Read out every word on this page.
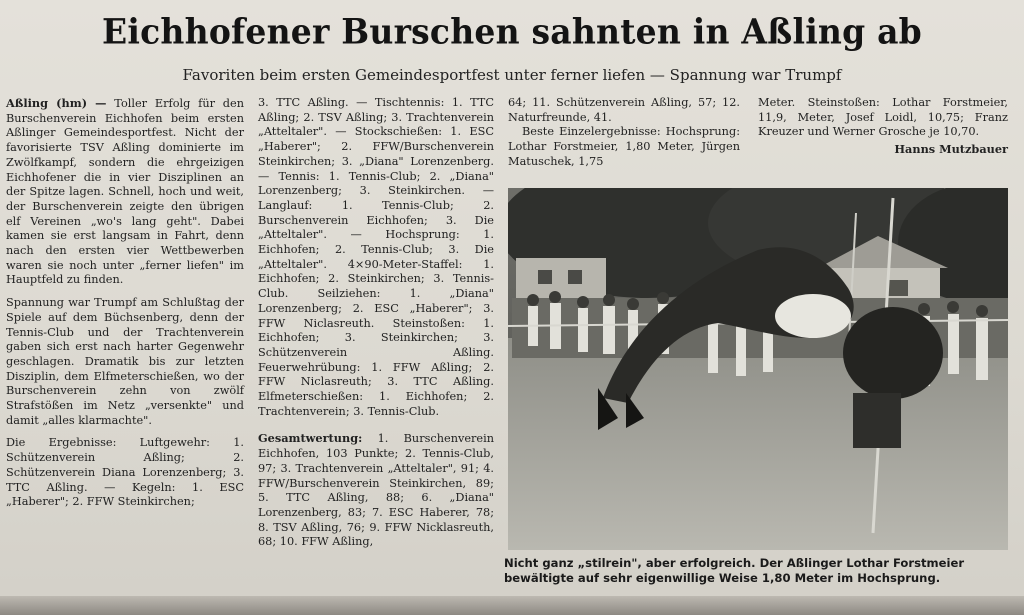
Eichhofener Burschen sahnten in Aßling ab
Favoriten beim ersten Gemeindesportfest unter ferner liefen — Spannung war Trumpf

Aßling (hm) — Toller Erfolg für den Burschenverein Eichhofen beim ersten Aßlinger Gemeindesportfest. Nicht der favorisierte TSV Aßling dominierte im Zwölfkampf, sondern die ehrgeizigen Eichhofener die in vier Disziplinen an der Spitze lagen. Schnell, hoch und weit, der Burschenverein zeigte den übrigen elf Vereinen „wo's lang geht". Dabei kamen sie erst langsam in Fahrt, denn nach den ersten vier Wettbewerben waren sie noch unter „ferner liefen" im Hauptfeld zu finden.

Spannung war Trumpf am Schlußtag der Spiele auf dem Büchsenberg, denn der Tennis-Club und der Trachtenverein gaben sich erst nach harter Gegenwehr geschlagen. Dramatik bis zur letzten Disziplin, dem Elfmeterschießen, wo der Burschenverein zehn von zwölf Strafstößen im Netz „versenkte" und damit „alles klarmachte".

Die Ergebnisse: Luftgewehr: 1. Schützenverein Aßling; 2. Schützenverein Diana Lorenzenberg; 3. TTC Aßling. — Kegeln: 1. ESC „Haberer"; 2. FFW Steinkirchen;

3. TTC Aßling. — Tischtennis: 1. TTC Aßling; 2. TSV Aßling; 3. Trachtenverein „Atteltaler". — Stockschießen: 1. ESC „Haberer"; 2. FFW/Burschenverein Steinkirchen; 3. „Diana" Lorenzenberg. — Tennis: 1. Tennis-Club; 2. „Diana" Lorenzenberg; 3. Steinkirchen. — Langlauf: 1. Tennis-Club; 2. Burschenverein Eichhofen; 3. Die „Atteltaler". — Hochsprung: 1. Eichhofen; 2. Tennis-Club; 3. Die „Atteltaler". 4×90-Meter-Staffel: 1. Eichhofen; 2. Steinkirchen; 3. Tennis-Club. Seilziehen: 1. „Diana" Lorenzenberg; 2. ESC „Haberer"; 3. FFW Niclasreuth. Steinstoßen: 1. Eichhofen; 3. Steinkirchen; 3. Schützenverein Aßling. Feuerwehrübung: 1. FFW Aßling; 2. FFW Niclasreuth; 3. TTC Aßling. Elfmeterschießen: 1. Eichhofen; 2. Trachtenverein; 3. Tennis-Club.

Gesamtwertung: 1. Burschenverein Eichhofen, 103 Punkte; 2. Tennis-Club, 97; 3. Trachtenverein „Atteltaler", 91; 4. FFW/Burschenverein Steinkirchen, 89; 5. TTC Aßling, 88; 6. „Diana" Lorenzenberg, 83; 7. ESC Haberer, 78; 8. TSV Aßling, 76; 9. FFW Nicklasreuth, 68; 10. FFW Aßling,

64; 11. Schützenverein Aßling, 57; 12. Naturfreunde, 41.

Beste Einzelergebnisse: Hochsprung: Lothar Forstmeier, 1,80 Meter, Jürgen Matuschek, 1,75

Meter. Steinstoßen: Lothar Forstmeier, 11,9, Meter, Josef Loidl, 10,75; Franz Kreuzer und Werner Grosche je 10,70.

Hanns Mutzbauer
Nicht ganz „stilrein", aber erfolgreich. Der Aßlinger Lothar Forstmeier bewältigte auf sehr eigenwillige Weise 1,80 Meter im Hochsprung.
